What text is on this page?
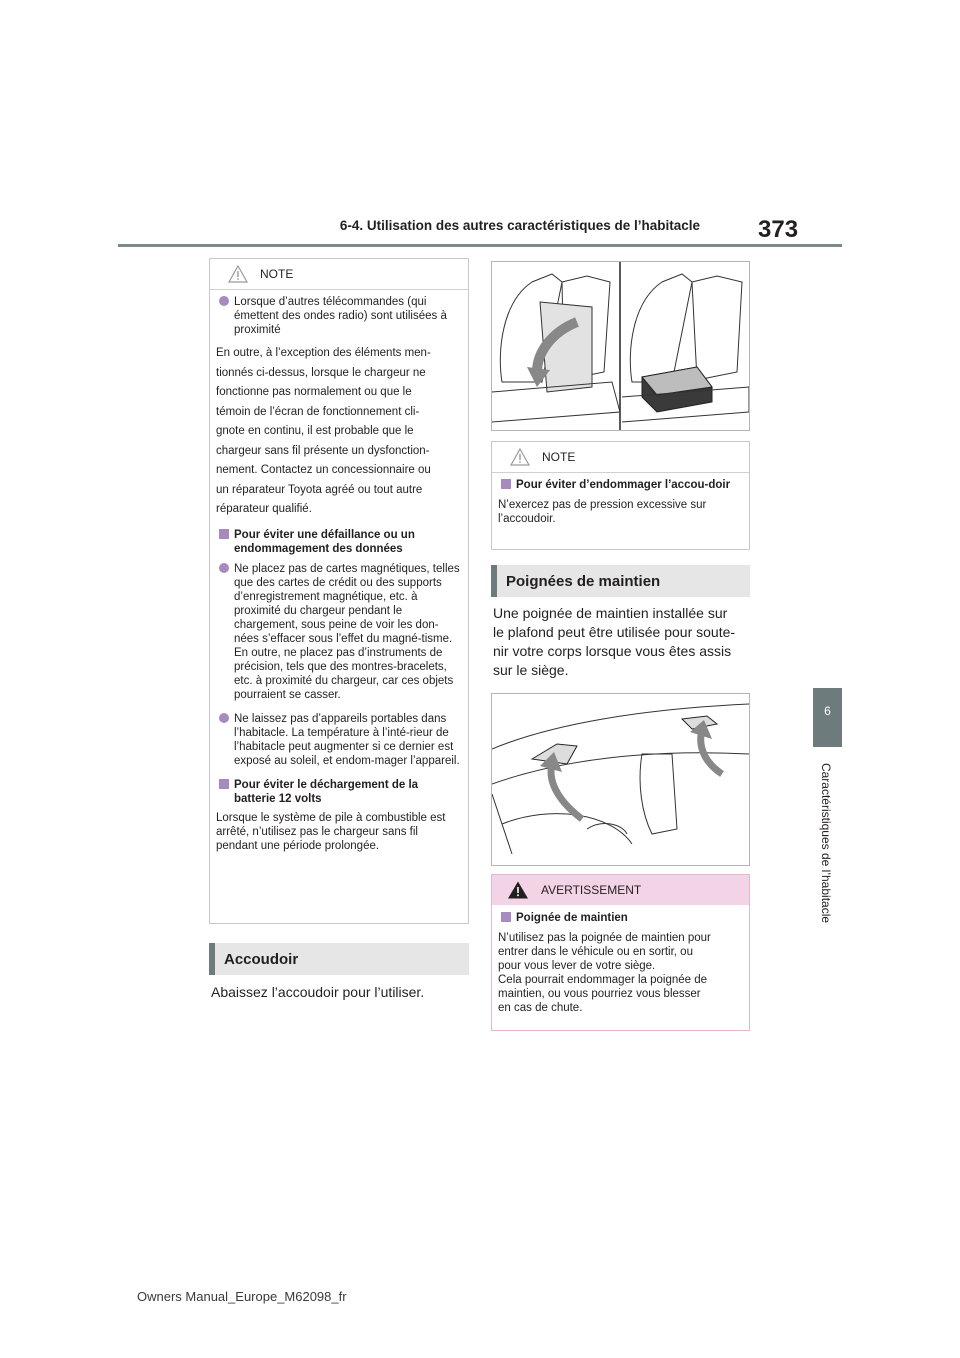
6-4. Utilisation des autres caractéristiques de l’habitacle 373
6
Caractéristiques de l’habitacle
NOTE

Lorsque d’autres télécommandes (qui émettent des ondes radio) sont utilisées à proximité

En outre, à l’exception des éléments men-
tionnés ci-dessus, lorsque le chargeur ne
fonctionne pas normalement ou que le
témoin de l’écran de fonctionnement cli-
gnote en continu, il est probable que le
chargeur sans fil présente un dysfonction-
nement. Contactez un concessionnaire ou
un réparateur Toyota agréé ou tout autre
réparateur qualifié.

Pour éviter une défaillance ou un endommagement des données

Ne placez pas de cartes magnétiques, telles que des cartes de crédit ou des supports d’enregistrement magnétique, etc. à proximité du chargeur pendant le chargement, sous peine de voir les don-nées s’effacer sous l’effet du magné-tisme. En outre, ne placez pas d’instruments de précision, tels que des montres-bracelets, etc. à proximité du chargeur, car ces objets pourraient se casser.

Ne laissez pas d’appareils portables dans l’habitacle. La température à l’inté-rieur de l’habitacle peut augmenter si ce dernier est exposé au soleil, et endom-mager l’appareil.

Pour éviter le déchargement de la batterie 12 volts

Lorsque le système de pile à combustible est arrêté, n’utilisez pas le chargeur sans fil pendant une période prolongée.

Accoudoir
Abaissez l’accoudoir pour l’utiliser.
NOTE

Pour éviter d’endommager l’accou-doir

N’exercez pas de pression excessive sur l’accoudoir.

Poignées de maintien
Une poignée de maintien installée sur
le plafond peut être utilisée pour soute-
nir votre corps lorsque vous êtes assis
sur le siège.
AVERTISSEMENT

Poignée de maintien

N’utilisez pas la poignée de maintien pour
entrer dans le véhicule ou en sortir, ou
pour vous lever de votre siège.
Cela pourrait endommager la poignée de
maintien, ou vous pourriez vous blesser
en cas de chute.
Owners Manual_Europe_M62098_fr
